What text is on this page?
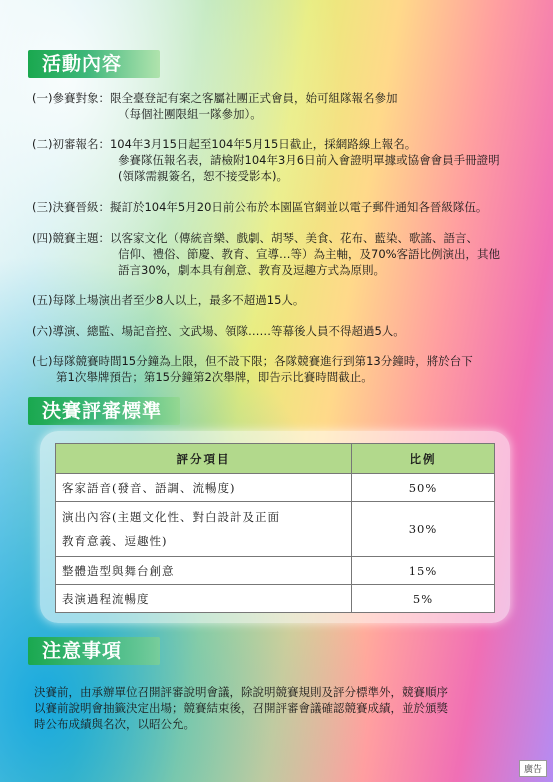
活動內容
(一)參賽對象：限全臺登記有案之客屬社團正式會員，始可組隊報名參加
（每個社團限組一隊參加）。
(二)初審報名：104年3月15日起至104年5月15日截止，採網路線上報名。
參賽隊伍報名表，請檢附104年3月6日前入會證明單據或協會會員手冊證明
(領隊需親簽名，恕不接受影本)。
(三)決賽晉級：擬訂於104年5月20日前公布於本園區官網並以電子郵件通知各晉級隊伍。
(四)競賽主題：以客家文化（傳統音樂、戲劇、胡琴、美食、花布、藍染、歌謠、語言、
信仰、禮俗、節慶、教育、宣導…等）為主軸，及70%客語比例演出，其他
語言30%，劇本具有創意、教育及逗趣方式為原則。
(五)每隊上場演出者至少8人以上，最多不超過15人。
(六)導演、總監、場記音控、文武場、領隊……等幕後人員不得超過5人。
(七)每隊競賽時間15分鐘為上限，但不設下限；各隊競賽進行到第13分鐘時，將於台下
第1次舉牌預告；第15分鐘第2次舉牌，即告示比賽時間截止。
決賽評審標準
評分項目	比例
客家語音(發音、語調、流暢度)	50%

演出內容(主題文化性、對白設計及正面
教育意義、逗趣性)	30%
整體造型與舞台創意	15%
表演過程流暢度	5%
注意事項
決賽前，由承辦單位召開評審說明會議，除說明競賽規則及評分標準外，競賽順序
以賽前說明會抽籤決定出場；競賽結束後，召開評審會議確認競賽成績，並於頒獎
時公布成績與名次，以昭公允。
廣告
